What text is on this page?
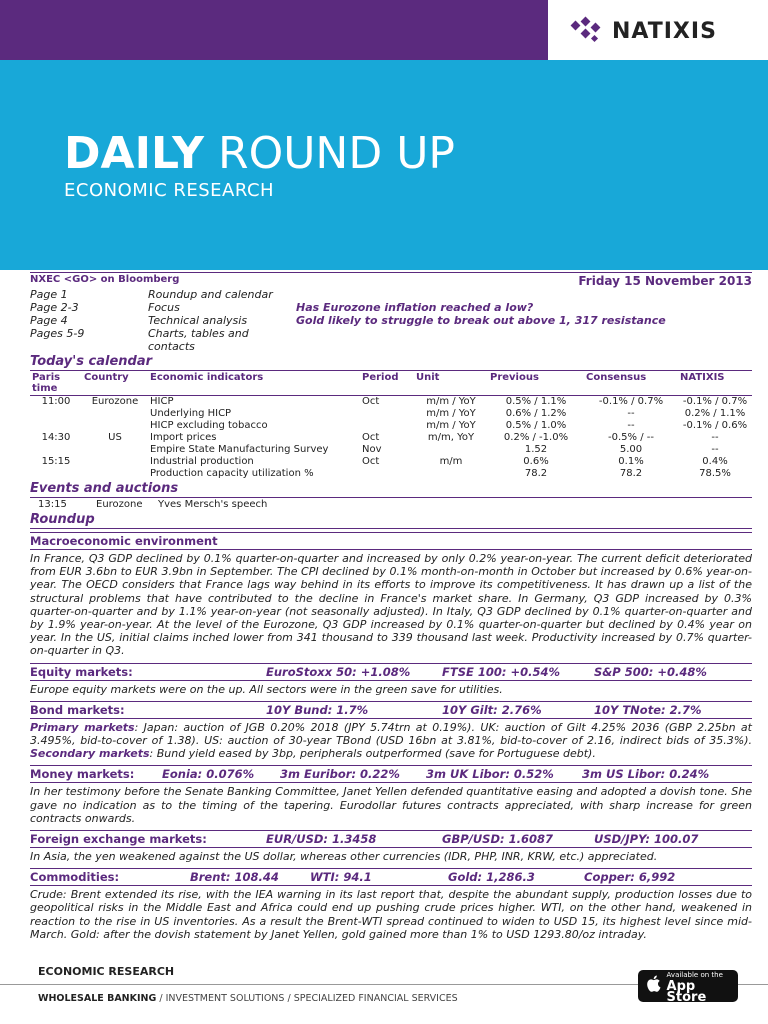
NATIXIS
DAILY ROUND UP
ECONOMIC RESEARCH
NXEC <GO> on Bloomberg	Friday 15 November 2013
Page 1	Roundup and calendar
Page 2-3	Focus	Has Eurozone inflation reached a low?
Page 4	Technical analysis	Gold likely to struggle to break out above 1, 317 resistance
Pages 5-9	Charts, tables and contacts
Today's calendar
Paris time	Country	Economic indicators	Period	Unit	Previous	Consensus	NATIXIS
11:00	Eurozone	HICP	Oct	m/m / YoY	0.5% / 1.1%	-0.1% / 0.7%	-0.1% / 0.7%
		Underlying HICP		m/m / YoY	0.6% / 1.2%	--	0.2% / 1.1%
		HICP excluding tobacco		m/m / YoY	0.5% / 1.0%	--	-0.1% / 0.6%
14:30	US	Import prices	Oct	m/m, YoY	0.2% / -1.0%	-0.5% / --	--
		Empire State Manufacturing Survey	Nov		1.52	5.00	--
15:15		Industrial production	Oct	m/m	0.6%	0.1%	0.4%
		Production capacity utilization %			78.2	78.2	78.5%
Events and auctions
13:15	Eurozone	Yves Mersch's speech
Roundup
Macroeconomic environment
In France, Q3 GDP declined by 0.1% quarter-on-quarter and increased by only 0.2% year-on-year. The current deficit deteriorated from EUR 3.6bn to EUR 3.9bn in September. The CPI declined by 0.1% month-on-month in October but increased by 0.6% year-on-year. The OECD considers that France lags way behind in its efforts to improve its competitiveness. It has drawn up a list of the structural problems that have contributed to the decline in France's market share. In Germany, Q3 GDP increased by 0.3% quarter-on-quarter and by 1.1% year-on-year (not seasonally adjusted). In Italy, Q3 GDP declined by 0.1% quarter-on-quarter and by 1.9% year-on-year. At the level of the Eurozone, Q3 GDP increased by 0.1% quarter-on-quarter but declined by 0.4% year on year. In the US, initial claims inched lower from 341 thousand to 339 thousand last week. Productivity increased by 0.7% quarter-on-quarter in Q3.
Equity markets:	EuroStoxx 50: +1.08%	FTSE 100: +0.54%	S&P 500: +0.48%
Europe equity markets were on the up. All sectors were in the green save for utilities.
Bond markets:	10Y Bund: 1.7%	10Y Gilt: 2.76%	10Y TNote: 2.7%
Primary markets: Japan: auction of JGB 0.20% 2018 (JPY 5.74trn at 0.19%). UK: auction of Gilt 4.25% 2036 (GBP 2.25bn at 3.495%, bid-to-cover of 1.38). US: auction of 30-year TBond (USD 16bn at 3.81%, bid-to-cover of 2.16, indirect bids of 35.3%). Secondary markets: Bund yield eased by 3bp, peripherals outperformed (save for Portuguese debt).
Money markets:	Eonia: 0.076%	3m Euribor: 0.22%	3m UK Libor: 0.52%	3m US Libor: 0.24%
In her testimony before the Senate Banking Committee, Janet Yellen defended quantitative easing and adopted a dovish tone. She gave no indication as to the timing of the tapering. Eurodollar futures contracts appreciated, with sharp increase for green contracts onwards.
Foreign exchange markets:	EUR/USD: 1.3458	GBP/USD: 1.6087	USD/JPY: 100.07
In Asia, the yen weakened against the US dollar, whereas other currencies (IDR, PHP, INR, KRW, etc.) appreciated.
Commodities:	Brent: 108.44	WTI: 94.1	Gold: 1,286.3	Copper: 6,992
Crude: Brent extended its rise, with the IEA warning in its last report that, despite the abundant supply, production losses due to geopolitical risks in the Middle East and Africa could end up pushing crude prices higher. WTI, on the other hand, weakened in reaction to the rise in US inventories. As a result the Brent-WTI spread continued to widen to USD 15, its highest level since mid-March. Gold: after the dovish statement by Janet Yellen, gold gained more than 1% to USD 1293.80/oz intraday.
ECONOMIC RESEARCH
WHOLESALE BANKING / INVESTMENT SOLUTIONS / SPECIALIZED FINANCIAL SERVICES
Available on the
App Store
